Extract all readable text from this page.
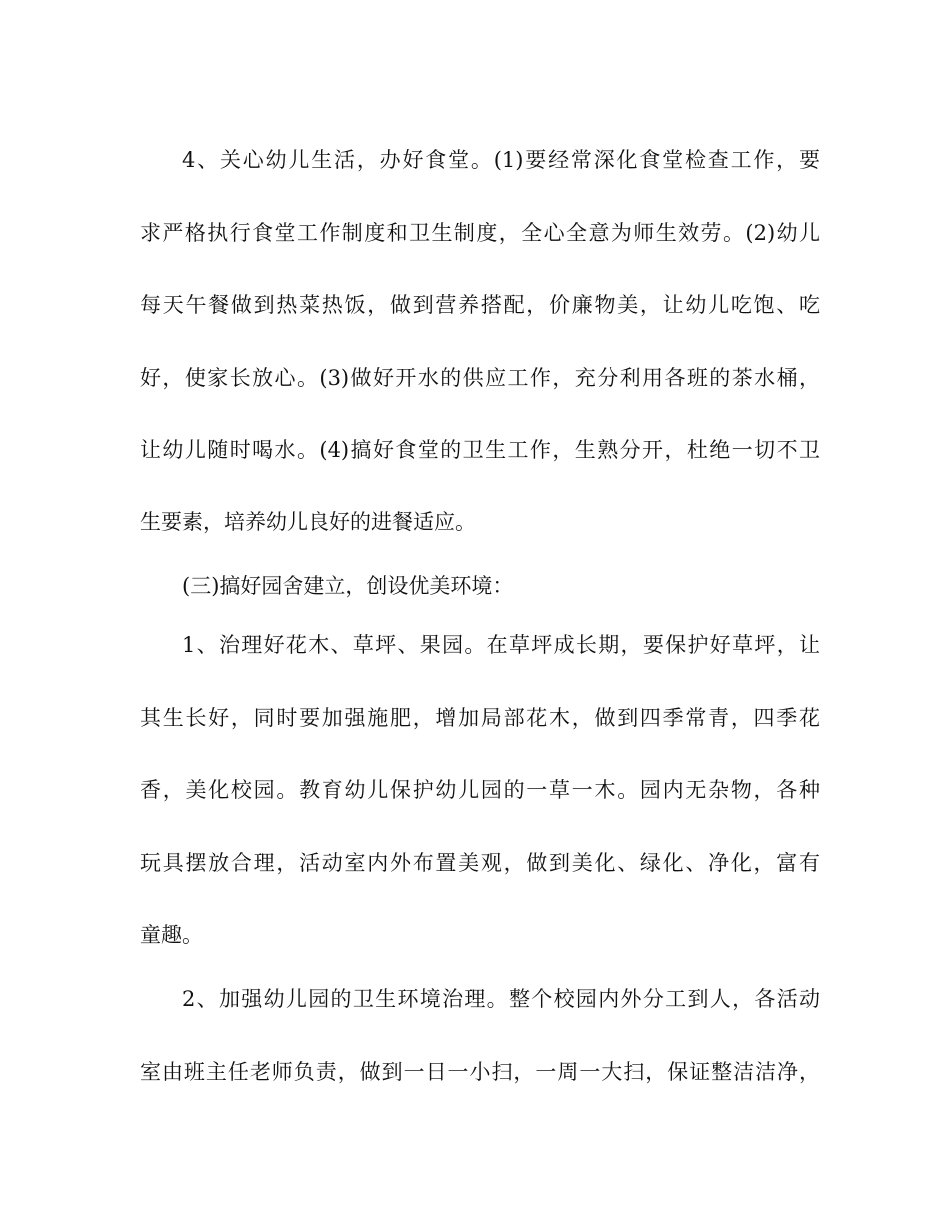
4、关心幼儿生活，办好食堂。(1)要经常深化食堂检查工作，要
求严格执行食堂工作制度和卫生制度，全心全意为师生效劳。(2)幼儿
每天午餐做到热菜热饭，做到营养搭配，价廉物美，让幼儿吃饱、吃
好，使家长放心。(3)做好开水的供应工作，充分利用各班的茶水桶，
让幼儿随时喝水。(4)搞好食堂的卫生工作，生熟分开，杜绝一切不卫
生要素，培养幼儿良好的进餐适应。
(三)搞好园舍建立，创设优美环境：
1、治理好花木、草坪、果园。在草坪成长期，要保护好草坪，让
其生长好，同时要加强施肥，增加局部花木，做到四季常青，四季花
香，美化校园。教育幼儿保护幼儿园的一草一木。园内无杂物，各种
玩具摆放合理，活动室内外布置美观，做到美化、绿化、净化，富有
童趣。
2、加强幼儿园的卫生环境治理。整个校园内外分工到人，各活动
室由班主任老师负责，做到一日一小扫，一周一大扫，保证整洁洁净，
